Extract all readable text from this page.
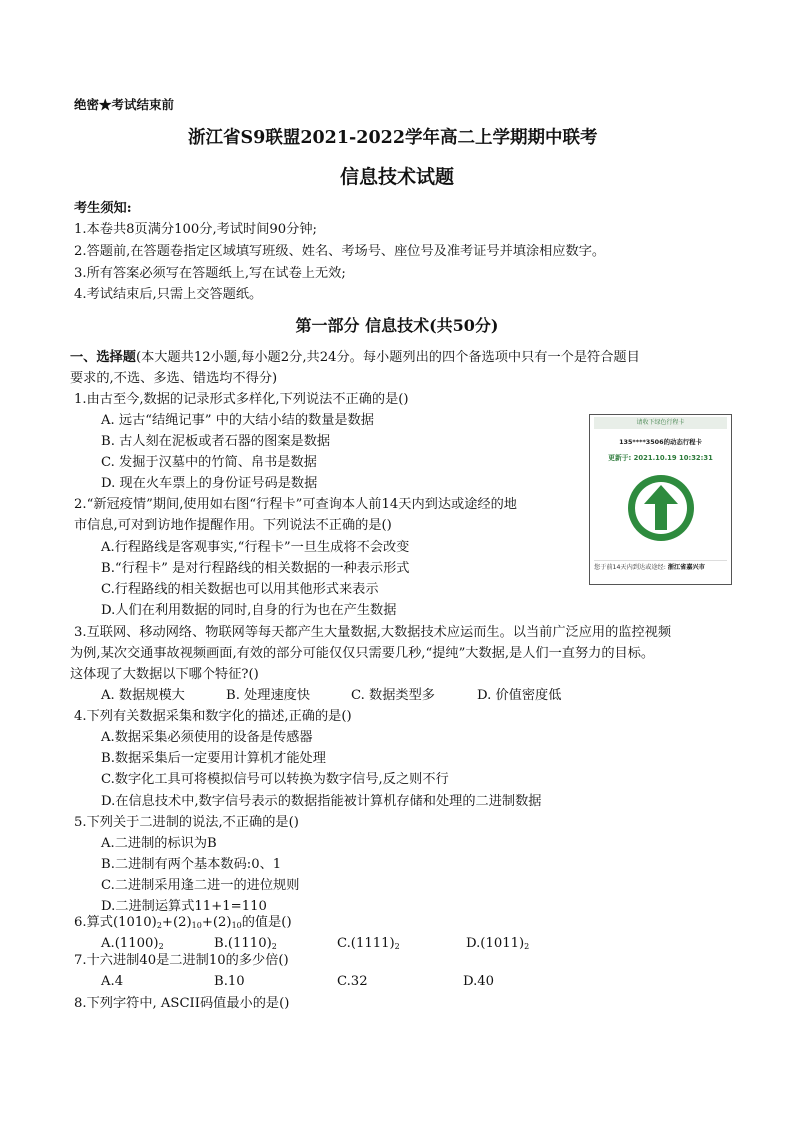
绝密★考试结束前
浙江省S9联盟2021-2022学年高二上学期期中联考
信息技术试题
考生须知:
1.本卷共8页满分100分,考试时间90分钟;
2.答题前,在答题卷指定区域填写班级、姓名、考场号、座位号及准考证号并填涂相应数字。
3.所有答案必须写在答题纸上,写在试卷上无效;
4.考试结束后,只需上交答题纸。
第一部分 信息技术(共50分)
一、选择题(本大题共12小题,每小题2分,共24分。每小题列出的四个备选项中只有一个是符合题目
要求的,不选、多选、错选均不得分)
1.由古至今,数据的记录形式多样化,下列说法不正确的是()
A. 远古“结绳记事” 中的大结小结的数量是数据
B. 古人刻在泥板或者石器的图案是数据
C. 发掘于汉墓中的竹简、帛书是数据
D. 现在火车票上的身份证号码是数据
2.“新冠疫情”期间,使用如右图“行程卡”可查询本人前14天内到达或途经的地
市信息,可对到访地作提醒作用。下列说法不正确的是()
A.行程路线是客观事实,“行程卡”一旦生成将不会改变
B.“行程卡” 是对行程路线的相关数据的一种表示形式
C.行程路线的相关数据也可以用其他形式来表示
D.人们在利用数据的同时,自身的行为也在产生数据
请收下绿色行程卡
135****3506的动态行程卡
更新于: 2021.10.19 10:32:31
您于前14天内到达或途经: 浙江省嘉兴市
3.互联网、移动网络、物联网等每天都产生大量数据,大数据技术应运而生。以当前广泛应用的监控视频
为例,某次交通事故视频画面,有效的部分可能仅仅只需要几秒,“提纯”大数据,是人们一直努力的目标。
这体现了大数据以下哪个特征?()
A. 数据规模大	B. 处理速度快	C. 数据类型多	D. 价值密度低
4.下列有关数据采集和数字化的描述,正确的是()
A.数据采集必须使用的设备是传感器
B.数据采集后一定要用计算机才能处理
C.数字化工具可将模拟信号可以转换为数字信号,反之则不行
D.在信息技术中,数字信号表示的数据指能被计算机存储和处理的二进制数据
5.下列关于二进制的说法,不正确的是()
A.二进制的标识为B
B.二进制有两个基本数码:0、1
C.二进制采用逢二进一的进位规则
D.二进制运算式11+1=110
6.算式$(1010)_2+(2)_{10}+(2)_{10}$的值是()
$A.(1100)_2$	$B.(1110)_2$	$C.(1111)_2$	$D.(1011)_2$
7.十六进制40是二进制10的多少倍()
A.4	B.10	C.32	D.40
8.下列字符中, ASCII码值最小的是()
